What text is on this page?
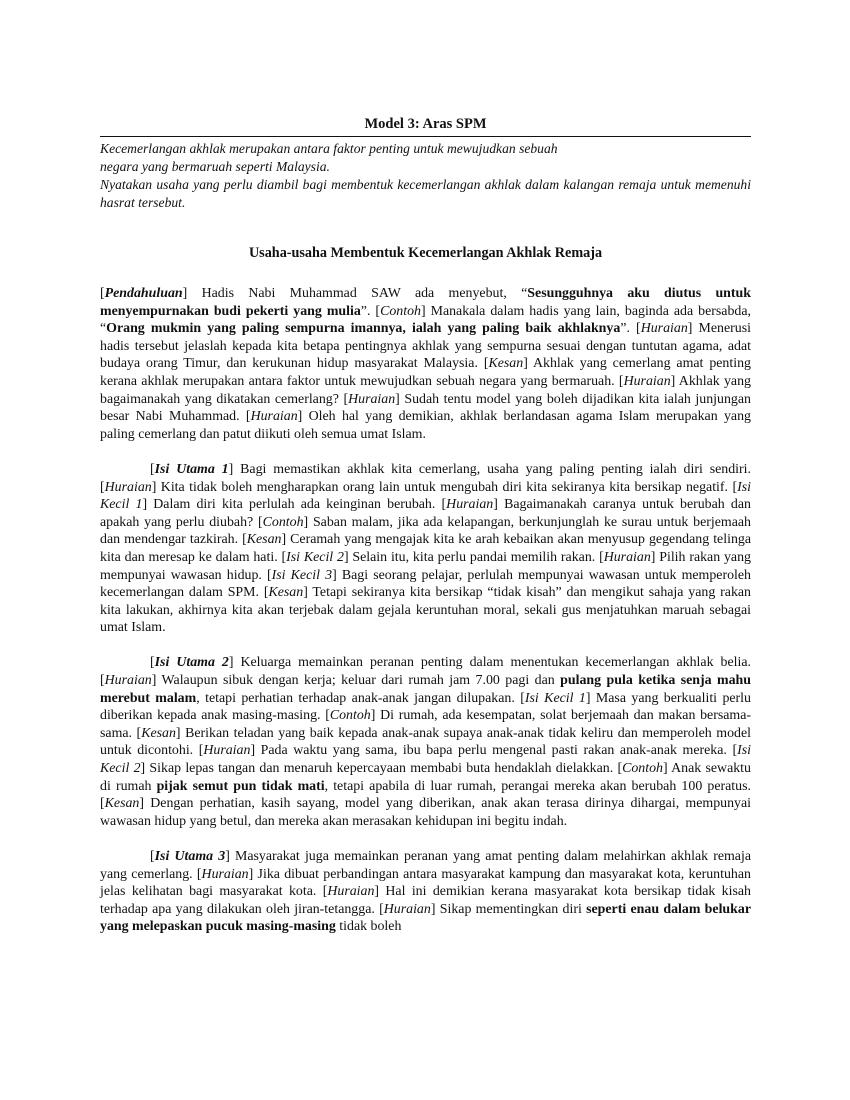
Model 3: Aras SPM

Kecemerlangan akhlak merupakan antara faktor penting untuk mewujudkan sebuah negara yang bermaruah seperti Malaysia.

Nyatakan usaha yang perlu diambil bagi membentuk kecemerlangan akhlak dalam kalangan remaja untuk memenuhi hasrat tersebut.

Usaha-usaha Membentuk Kecemerlangan Akhlak Remaja

[Pendahuluan] Hadis Nabi Muhammad SAW ada menyebut, “Sesungguhnya aku diutus untuk menyempurnakan budi pekerti yang mulia”. [Contoh] Manakala dalam hadis yang lain, baginda ada bersabda, “Orang mukmin yang paling sempurna imannya, ialah yang paling baik akhlaknya”. [Huraian] Menerusi hadis tersebut jelaslah kepada kita betapa pentingnya akhlak yang sempurna sesuai dengan tuntutan agama, adat budaya orang Timur, dan kerukunan hidup masyarakat Malaysia. [Kesan] Akhlak yang cemerlang amat penting kerana akhlak merupakan antara faktor untuk mewujudkan sebuah negara yang bermaruah. [Huraian] Akhlak yang bagaimanakah yang dikatakan cemerlang? [Huraian] Sudah tentu model yang boleh dijadikan kita ialah junjungan besar Nabi Muhammad. [Huraian] Oleh hal yang demikian, akhlak berlandasan agama Islam merupakan yang paling cemerlang dan patut diikuti oleh semua umat Islam.

[Isi Utama 1] Bagi memastikan akhlak kita cemerlang, usaha yang paling penting ialah diri sendiri. [Huraian] Kita tidak boleh mengharapkan orang lain untuk mengubah diri kita sekiranya kita bersikap negatif. [Isi Kecil 1] Dalam diri kita perlulah ada keinginan berubah. [Huraian] Bagaimanakah caranya untuk berubah dan apakah yang perlu diubah? [Contoh] Saban malam, jika ada kelapangan, berkunjunglah ke surau untuk berjemaah dan mendengar tazkirah. [Kesan] Ceramah yang mengajak kita ke arah kebaikan akan menyusup gegendang telinga kita dan meresap ke dalam hati. [Isi Kecil 2] Selain itu, kita perlu pandai memilih rakan. [Huraian] Pilih rakan yang mempunyai wawasan hidup. [Isi Kecil 3] Bagi seorang pelajar, perlulah mempunyai wawasan untuk memperoleh kecemerlangan dalam SPM. [Kesan] Tetapi sekiranya kita bersikap “tidak kisah” dan mengikut sahaja yang rakan kita lakukan, akhirnya kita akan terjebak dalam gejala keruntuhan moral, sekali gus menjatuhkan maruah sebagai umat Islam.

[Isi Utama 2] Keluarga memainkan peranan penting dalam menentukan kecemerlangan akhlak belia. [Huraian] Walaupun sibuk dengan kerja; keluar dari rumah jam 7.00 pagi dan pulang pula ketika senja mahu merebut malam, tetapi perhatian terhadap anak-anak jangan dilupakan. [Isi Kecil 1] Masa yang berkualiti perlu diberikan kepada anak masing-masing. [Contoh] Di rumah, ada kesempatan, solat berjemaah dan makan bersama-sama. [Kesan] Berikan teladan yang baik kepada anak-anak supaya anak-anak tidak keliru dan memperoleh model untuk dicontohi. [Huraian] Pada waktu yang sama, ibu bapa perlu mengenal pasti rakan anak-anak mereka. [Isi Kecil 2] Sikap lepas tangan dan menaruh kepercayaan membabi buta hendaklah dielakkan. [Contoh] Anak sewaktu di rumah pijak semut pun tidak mati, tetapi apabila di luar rumah, perangai mereka akan berubah 100 peratus. [Kesan] Dengan perhatian, kasih sayang, model yang diberikan, anak akan terasa dirinya dihargai, mempunyai wawasan hidup yang betul, dan mereka akan merasakan kehidupan ini begitu indah.

[Isi Utama 3] Masyarakat juga memainkan peranan yang amat penting dalam melahirkan akhlak remaja yang cemerlang. [Huraian] Jika dibuat perbandingan antara masyarakat kampung dan masyarakat kota, keruntuhan jelas kelihatan bagi masyarakat kota. [Huraian] Hal ini demikian kerana masyarakat kota bersikap tidak kisah terhadap apa yang dilakukan oleh jiran-tetangga. [Huraian] Sikap mementingkan diri seperti enau dalam belukar yang melepaskan pucuk masing-masing tidak boleh
